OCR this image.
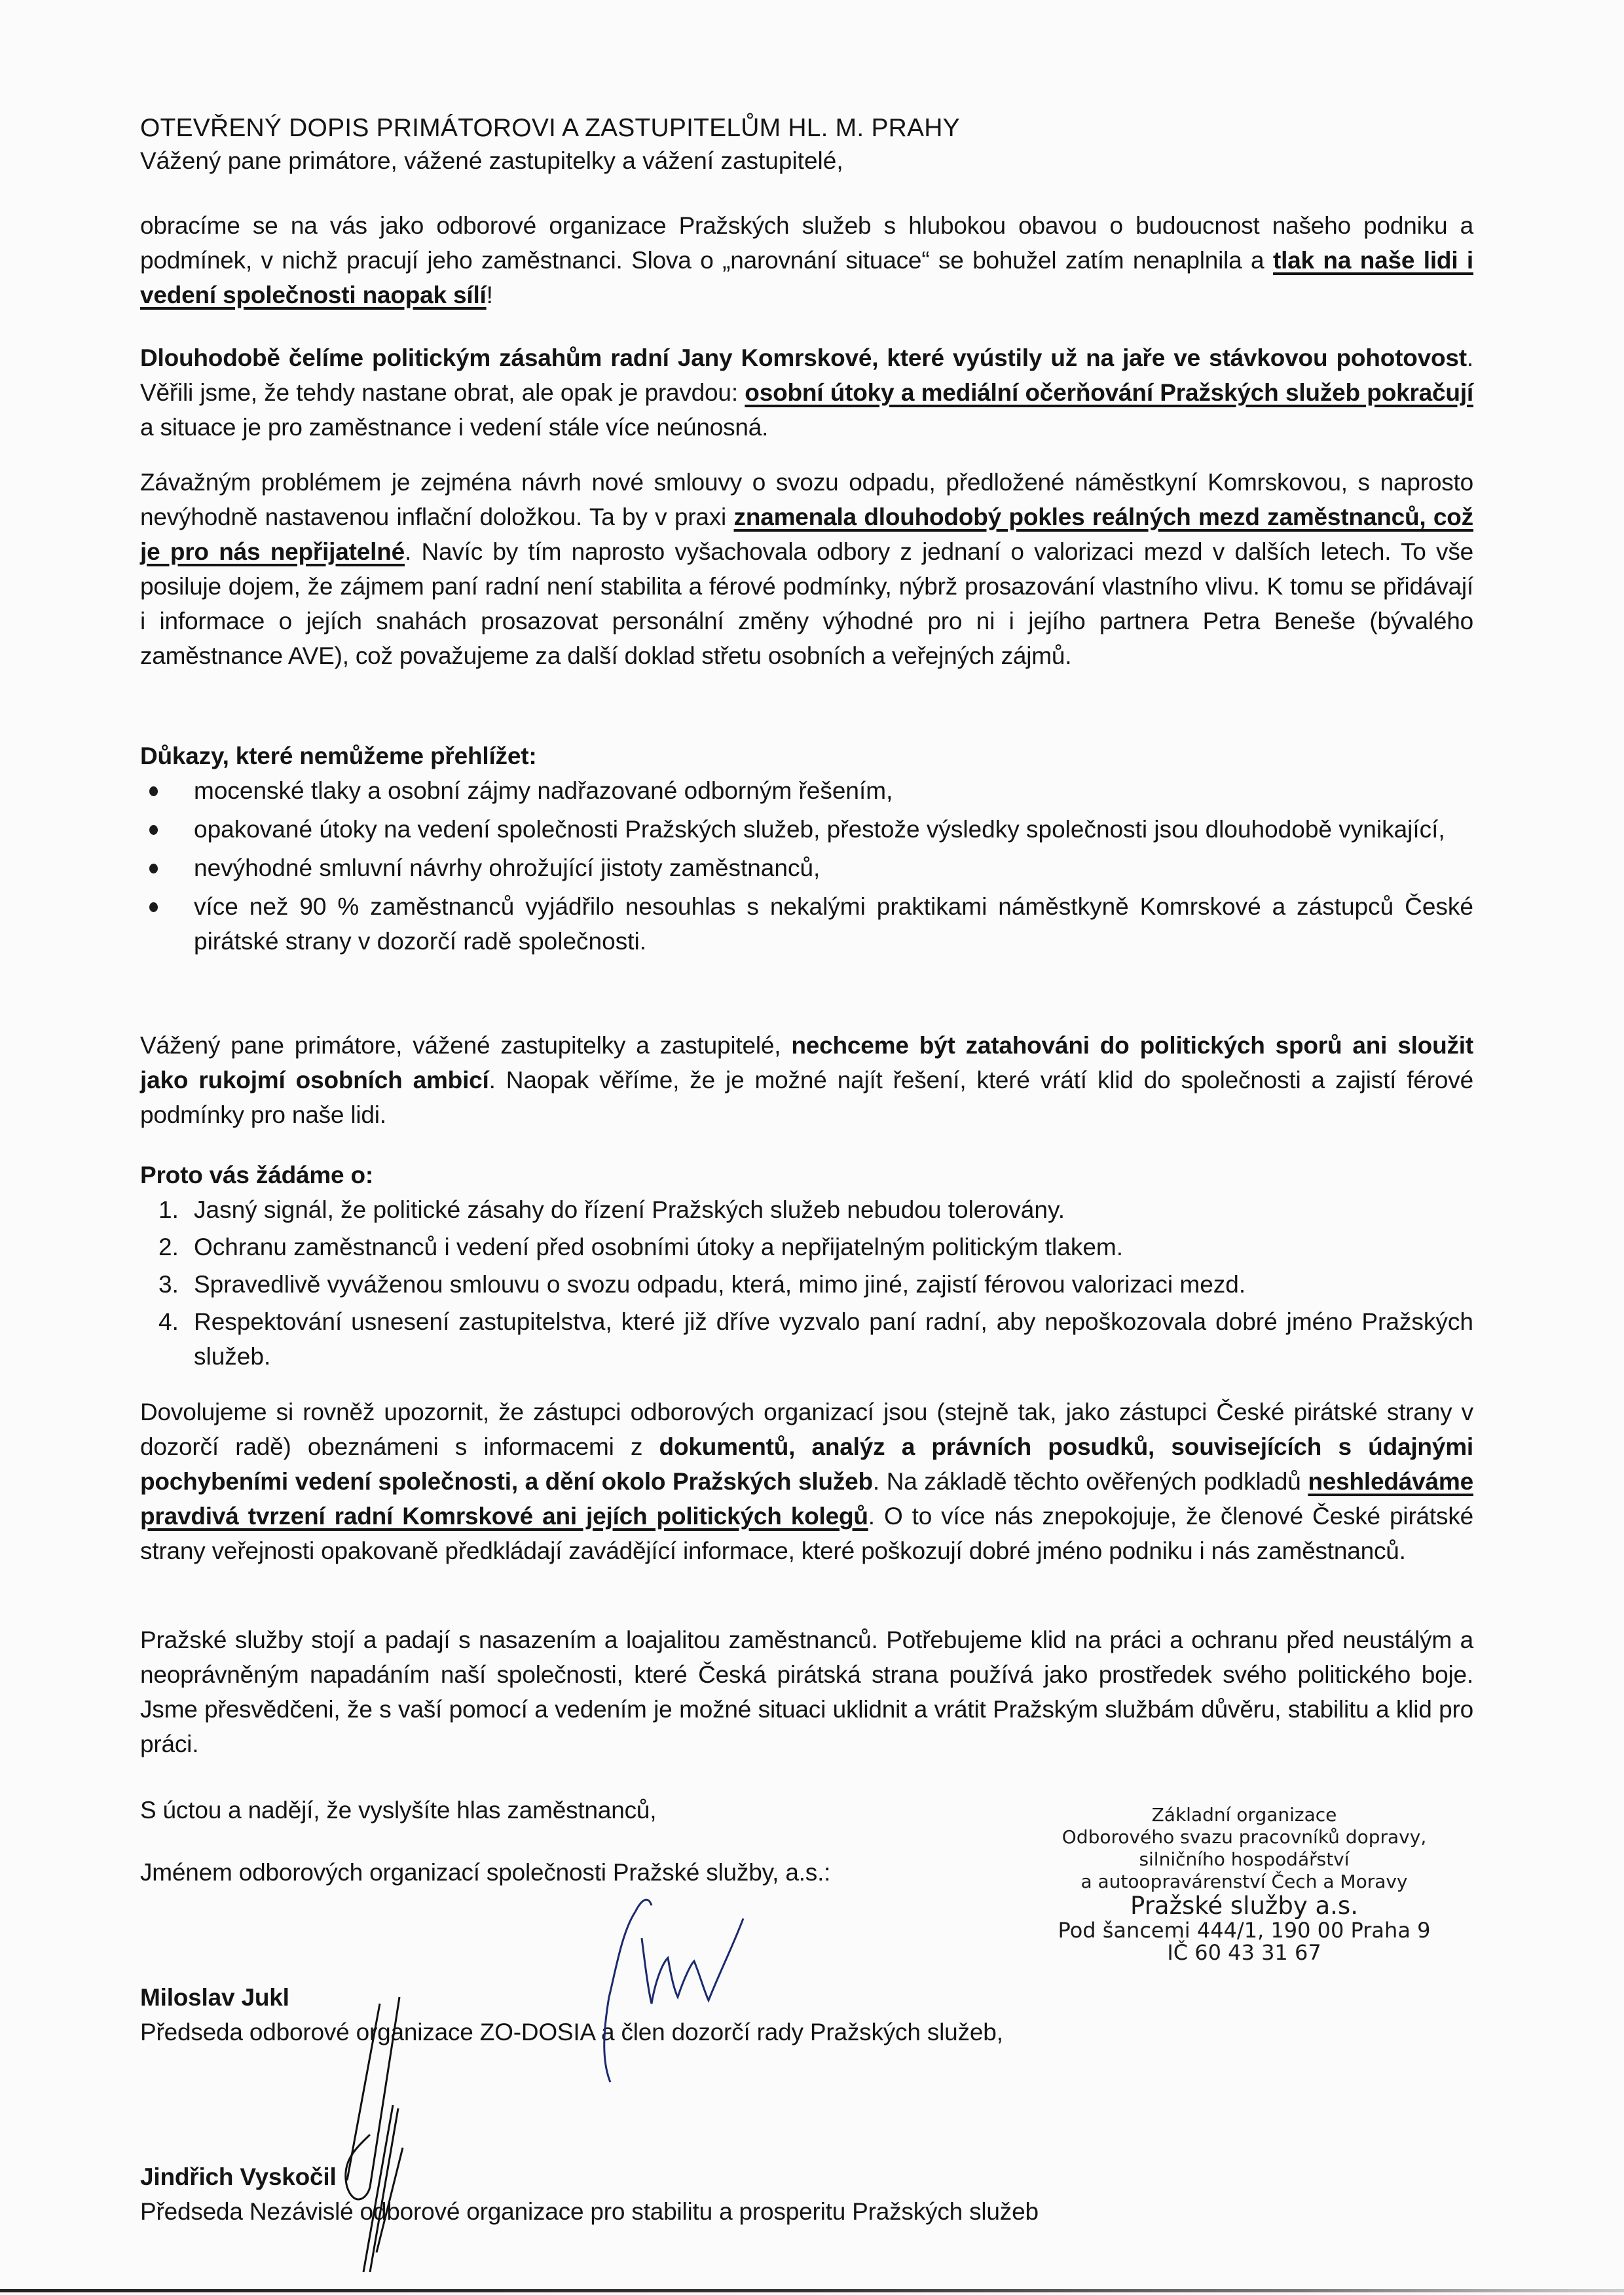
OTEVŘENÝ DOPIS PRIMÁTOROVI A ZASTUPITELŮM HL. M. PRAHY
Vážený pane primátore, vážené zastupitelky a vážení zastupitelé,

obracíme se na vás jako odborové organizace Pražských služeb s hlubokou obavou o budoucnost našeho podniku a podmínek, v nichž pracují jeho zaměstnanci. Slova o „narovnání situace“ se bohužel zatím nenaplnila a tlak na naše lidi i vedení společnosti naopak sílí!

Dlouhodobě čelíme politickým zásahům radní Jany Komrskové, které vyústily už na jaře ve stávkovou pohotovost. Věřili jsme, že tehdy nastane obrat, ale opak je pravdou: osobní útoky a mediální očerňování Pražských služeb pokračují a situace je pro zaměstnance i vedení stále více neúnosná.

Závažným problémem je zejména návrh nové smlouvy o svozu odpadu, předložené náměstkyní Komrskovou, s naprosto nevýhodně nastavenou inflační doložkou. Ta by v praxi znamenala dlouhodobý pokles reálných mezd zaměstnanců, což je pro nás nepřijatelné. Navíc by tím naprosto vyšachovala odbory z jednaní o valorizaci mezd v dalších letech. To vše posiluje dojem, že zájmem paní radní není stabilita a férové podmínky, nýbrž prosazování vlastního vlivu. K tomu se přidávají i informace o jejích snahách prosazovat personální změny výhodné pro ni i jejího partnera Petra Beneše (bývalého zaměstnance AVE), což považujeme za další doklad střetu osobních a veřejných zájmů.

Důkazy, které nemůžeme přehlížet:
mocenské tlaky a osobní zájmy nadřazované odborným řešením,
opakované útoky na vedení společnosti Pražských služeb, přestože výsledky společnosti jsou dlouhodobě vynikající,
nevýhodné smluvní návrhy ohrožující jistoty zaměstnanců,
více než 90 % zaměstnanců vyjádřilo nesouhlas s nekalými praktikami náměstkyně Komrskové a zástupců České pirátské strany v dozorčí radě společnosti.

Vážený pane primátore, vážené zastupitelky a zastupitelé, nechceme být zatahováni do politických sporů ani sloužit jako rukojmí osobních ambicí. Naopak věříme, že je možné najít řešení, které vrátí klid do společnosti a zajistí férové podmínky pro naše lidi.

Proto vás žádáme o:
1. Jasný signál, že politické zásahy do řízení Pražských služeb nebudou tolerovány.
2. Ochranu zaměstnanců i vedení před osobními útoky a nepřijatelným politickým tlakem.
3. Spravedlivě vyváženou smlouvu o svozu odpadu, která, mimo jiné, zajistí férovou valorizaci mezd.
4. Respektování usnesení zastupitelstva, které již dříve vyzvalo paní radní, aby nepoškozovala dobré jméno Pražských služeb.

Dovolujeme si rovněž upozornit, že zástupci odborových organizací jsou (stejně tak, jako zástupci České pirátské strany v dozorčí radě) obeznámeni s informacemi z dokumentů, analýz a právních posudků, souvisejících s údajnými pochybeními vedení společnosti, a dění okolo Pražských služeb. Na základě těchto ověřených podkladů neshledáváme pravdivá tvrzení radní Komrskové ani jejích politických kolegů. O to více nás znepokojuje, že členové České pirátské strany veřejnosti opakovaně předkládají zavádějící informace, které poškozují dobré jméno podniku i nás zaměstnanců.

Pražské služby stojí a padají s nasazením a loajalitou zaměstnanců. Potřebujeme klid na práci a ochranu před neustálým a neoprávněným napadáním naší společnosti, které Česká pirátská strana používá jako prostředek svého politického boje. Jsme přesvědčeni, že s vaší pomocí a vedením je možné situaci uklidnit a vrátit Pražským službám důvěru, stabilitu a klid pro práci.

S úctou a nadějí, že vyslyšíte hlas zaměstnanců,
Jménem odborových organizací společnosti Pražské služby, a.s.:
Miloslav Jukl
Předseda odborové organizace ZO-DOSIA a člen dozorčí rady Pražských služeb,
Jindřich Vyskočil
Předseda Nezávislé odborové organizace pro stabilitu a prosperitu Pražských služeb
Základní organizace
Odborového svazu pracovníků dopravy,
silničního hospodářství
a autoopravárenství Čech a Moravy
Pražské služby a.s.
Pod šancemi 444/1, 190 00 Praha 9
IČ 60 43 31 67
